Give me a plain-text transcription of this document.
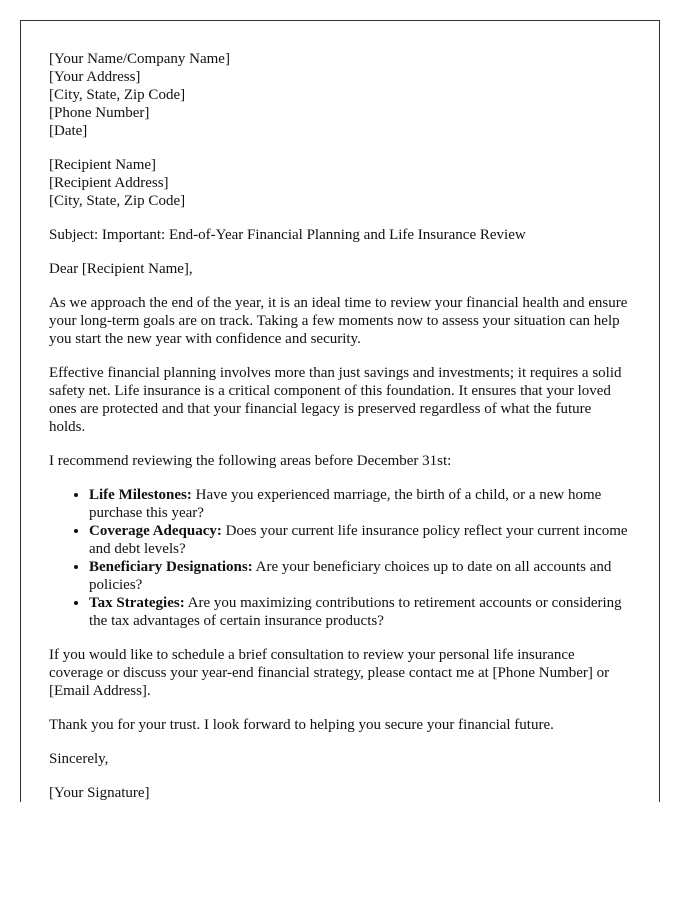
[Your Name/Company Name]
[Your Address]
[City, State, Zip Code]
[Phone Number]
[Date]

[Recipient Name]
[Recipient Address]
[City, State, Zip Code]

Subject: Important: End-of-Year Financial Planning and Life Insurance Review

Dear [Recipient Name],

As we approach the end of the year, it is an ideal time to review your financial health and ensure your long-term goals are on track. Taking a few moments now to assess your situation can help you start the new year with confidence and security.

Effective financial planning involves more than just savings and investments; it requires a solid safety net. Life insurance is a critical component of this foundation. It ensures that your loved ones are protected and that your financial legacy is preserved regardless of what the future holds.

I recommend reviewing the following areas before December 31st:

• Life Milestones: Have you experienced marriage, the birth of a child, or a new home purchase this year?
• Coverage Adequacy: Does your current life insurance policy reflect your current income and debt levels?
• Beneficiary Designations: Are your beneficiary choices up to date on all accounts and policies?
• Tax Strategies: Are you maximizing contributions to retirement accounts or considering the tax advantages of certain insurance products?

If you would like to schedule a brief consultation to review your personal life insurance coverage or discuss your year-end financial strategy, please contact me at [Phone Number] or [Email Address].

Thank you for your trust. I look forward to helping you secure your financial future.

Sincerely,

[Your Signature]
